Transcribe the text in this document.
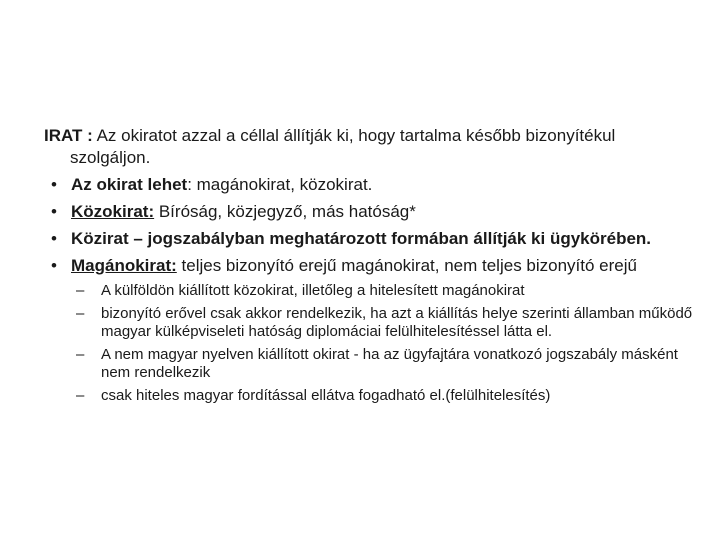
IRAT : Az okiratot azzal a céllal állítják ki, hogy tartalma később bizonyítékul szolgáljon.

• Az okirat lehet: magánokirat, közokirat.
• Közokirat: Bíróság, közjegyző, más hatóság*
• Közirat – jogszabályban meghatározott formában állítják ki ügykörében.
• Magánokirat: teljes bizonyító erejű magánokirat, nem teljes bizonyító erejű
– A külföldön kiállított közokirat, illetőleg a hitelesített magánokirat
– bizonyító erővel csak akkor rendelkezik, ha azt a kiállítás helye szerinti államban működő magyar külképviseleti hatóság diplomáciai felülhitelesítéssel látta el.
– A nem magyar nyelven kiállított okirat - ha az ügyfajtára vonatkozó jogszabály másként nem rendelkezik
– csak hiteles magyar fordítással ellátva fogadható el.(felülhitelesítés)
